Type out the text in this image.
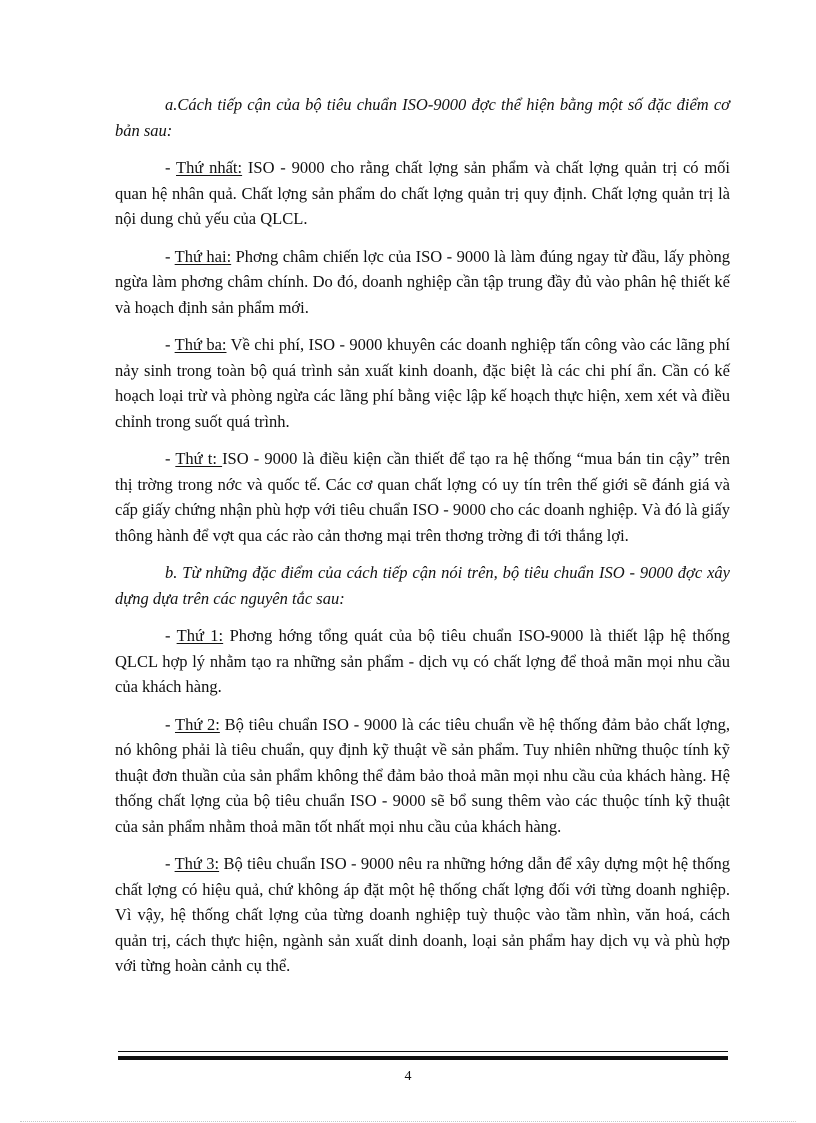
a.Cách tiếp cận của bộ tiêu chuẩn ISO-9000 đợc thể hiện bằng một số đặc điểm cơ bản sau:

- Thứ nhất: ISO - 9000 cho rằng chất lợng sản phẩm và chất lợng quản trị có mối quan hệ nhân quả. Chất lợng sản phẩm do chất lợng quản trị quy định. Chất lợng quản trị là nội dung chủ yếu của QLCL.

- Thứ hai: Phơng châm chiến lợc của ISO - 9000 là làm đúng ngay từ đầu, lấy phòng ngừa làm phơng châm chính. Do đó, doanh nghiệp cần tập trung đầy đủ vào phân hệ thiết kế và hoạch định sản phẩm mới.

- Thứ ba: Về chi phí, ISO - 9000 khuyên các doanh nghiệp tấn công vào các lãng phí nảy sinh trong toàn bộ quá trình sản xuất kinh doanh, đặc biệt là các chi phí ẩn. Cần có kế hoạch loại trừ và phòng ngừa các lãng phí bằng việc lập kế hoạch thực hiện, xem xét và điều chỉnh trong suốt quá trình.

- Thứ t: ISO - 9000 là điều kiện cần thiết để tạo ra hệ thống “mua bán tin cậy” trên thị trờng trong nớc và quốc tế. Các cơ quan chất lợng có uy tín trên thế giới sẽ đánh giá và cấp giấy chứng nhận phù hợp với tiêu chuẩn ISO - 9000 cho các doanh nghiệp. Và đó là giấy thông hành để vợt qua các rào cản thơng mại trên thơng trờng đi tới thắng lợi.

b. Từ những đặc điểm của cách tiếp cận nói trên, bộ tiêu chuẩn ISO - 9000 đợc xây dựng dựa trên các nguyên tắc sau:

- Thứ 1: Phơng hớng tổng quát của bộ tiêu chuẩn ISO-9000 là thiết lập hệ thống QLCL hợp lý nhằm tạo ra những sản phẩm - dịch vụ có chất lợng để thoả mãn mọi nhu cầu của khách hàng.

- Thứ 2: Bộ tiêu chuẩn ISO - 9000 là các tiêu chuẩn về hệ thống đảm bảo chất lợng, nó không phải là tiêu chuẩn, quy định kỹ thuật về sản phẩm. Tuy nhiên những thuộc tính kỹ thuật đơn thuần của sản phẩm không thể đảm bảo thoả mãn mọi nhu cầu của khách hàng. Hệ thống chất lợng của bộ tiêu chuẩn ISO - 9000 sẽ bổ sung thêm vào các thuộc tính kỹ thuật của sản phẩm nhằm thoả mãn tốt nhất mọi nhu cầu của khách hàng.

- Thứ 3: Bộ tiêu chuẩn ISO - 9000 nêu ra những hớng dẫn để xây dựng một hệ thống chất lợng có hiệu quả, chứ không áp đặt một hệ thống chất lợng đối với từng doanh nghiệp. Vì vậy, hệ thống chất lợng của từng doanh nghiệp tuỳ thuộc vào tầm nhìn, văn hoá, cách quản trị, cách thực hiện, ngành sản xuất dinh doanh, loại sản phẩm hay dịch vụ và phù hợp với từng hoàn cảnh cụ thể.

4
